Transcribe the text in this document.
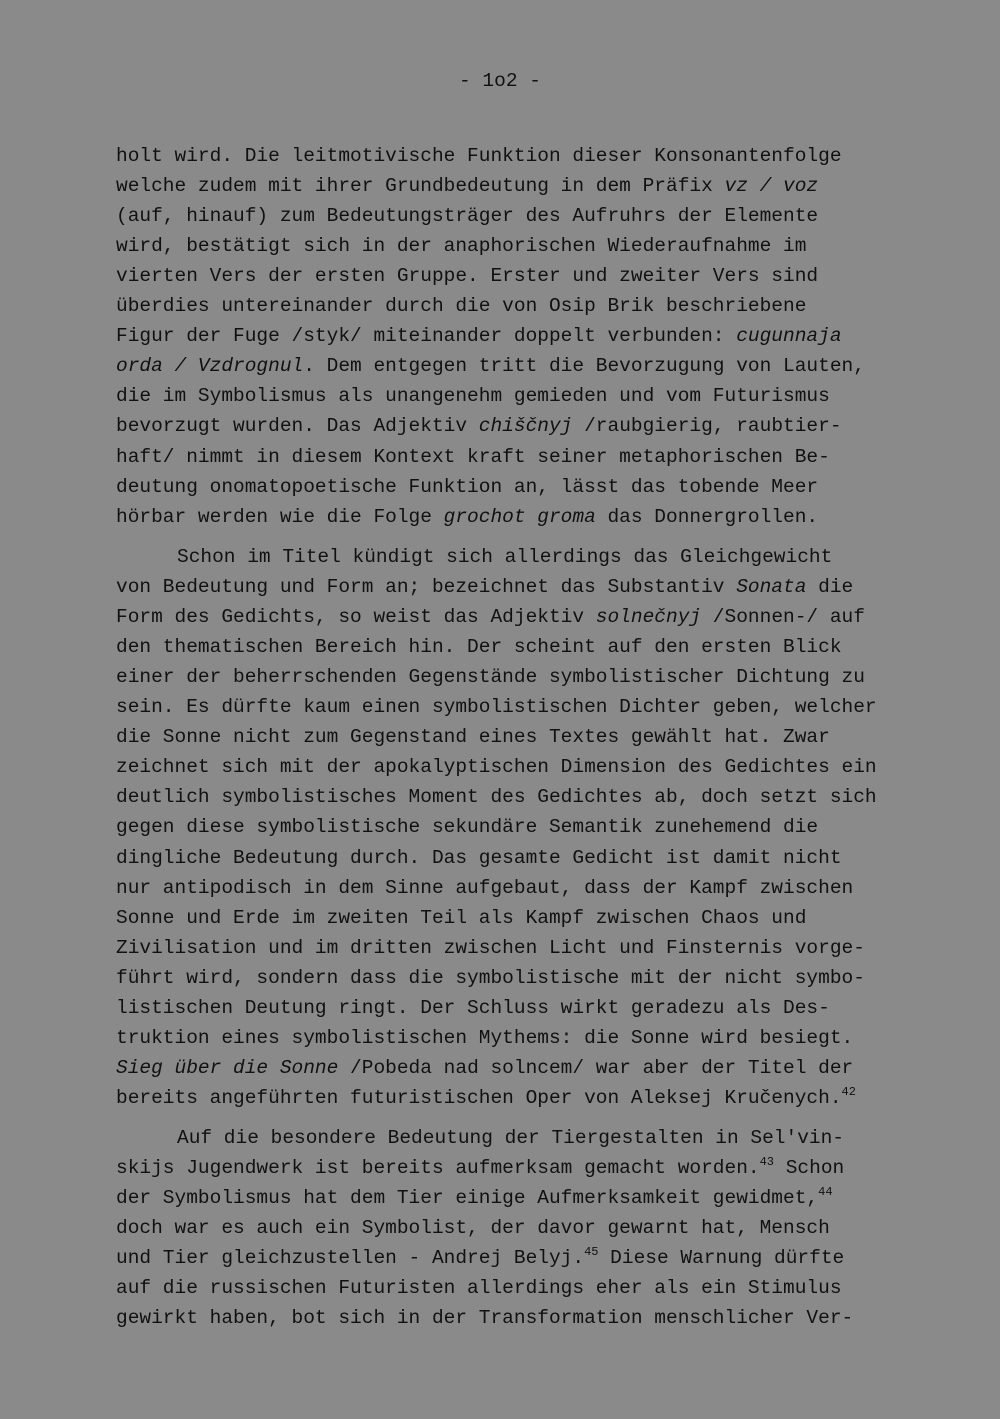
- 1o2 -
holt wird. Die leitmotivische Funktion dieser Konsonantenfolge
welche zudem mit ihrer Grundbedeutung in dem Präfix vz / voz
(auf, hinauf) zum Bedeutungsträger des Aufruhrs der Elemente
wird, bestätigt sich in der anaphorischen Wiederaufnahme im
vierten Vers der ersten Gruppe. Erster und zweiter Vers sind
überdies untereinander durch die von Osip Brik beschriebene
Figur der Fuge /styk/ miteinander doppelt verbunden: cugunnaja
orda / Vzdrognul. Dem entgegen tritt die Bevorzugung von Lauten,
die im Symbolismus als unangenehm gemieden und vom Futurismus
bevorzugt wurden. Das Adjektiv chiščnyj /raubgierig, raubtier-
haft/ nimmt in diesem Kontext kraft seiner metaphorischen Be-
deutung onomatopoetische Funktion an, lässt das tobende Meer
hörbar werden wie die Folge grochot groma das Donnergrollen.
Schon im Titel kündigt sich allerdings das Gleichgewicht
von Bedeutung und Form an; bezeichnet das Substantiv Sonata die
Form des Gedichts, so weist das Adjektiv solnečnyj /Sonnen-/ auf
den thematischen Bereich hin. Der scheint auf den ersten Blick
einer der beherrschenden Gegenstände symbolistischer Dichtung zu
sein. Es dürfte kaum einen symbolistischen Dichter geben, welcher
die Sonne nicht zum Gegenstand eines Textes gewählt hat. Zwar
zeichnet sich mit der apokalyptischen Dimension des Gedichtes ein
deutlich symbolistisches Moment des Gedichtes ab, doch setzt sich
gegen diese symbolistische sekundäre Semantik zunehemend die
dingliche Bedeutung durch. Das gesamte Gedicht ist damit nicht
nur antipodisch in dem Sinne aufgebaut, dass der Kampf zwischen
Sonne und Erde im zweiten Teil als Kampf zwischen Chaos und
Zivilisation und im dritten zwischen Licht und Finsternis vorge-
führt wird, sondern dass die symbolistische mit der nicht symbo-
listischen Deutung ringt. Der Schluss wirkt geradezu als Des-
truktion eines symbolistischen Mythems: die Sonne wird besiegt.
Sieg über die Sonne /Pobeda nad solncem/ war aber der Titel der
bereits angeführten futuristischen Oper von Aleksej Kručenych.$^{42}$
Auf die besondere Bedeutung der Tiergestalten in Sel'vin-
skijs Jugendwerk ist bereits aufmerksam gemacht worden.$^{43}$ Schon
der Symbolismus hat dem Tier einige Aufmerksamkeit gewidmet,$^{44}$
doch war es auch ein Symbolist, der davor gewarnt hat, Mensch
und Tier gleichzustellen - Andrej Belyj.$^{45}$ Diese Warnung dürfte
auf die russischen Futuristen allerdings eher als ein Stimulus
gewirkt haben, bot sich in der Transformation menschlicher Ver-
